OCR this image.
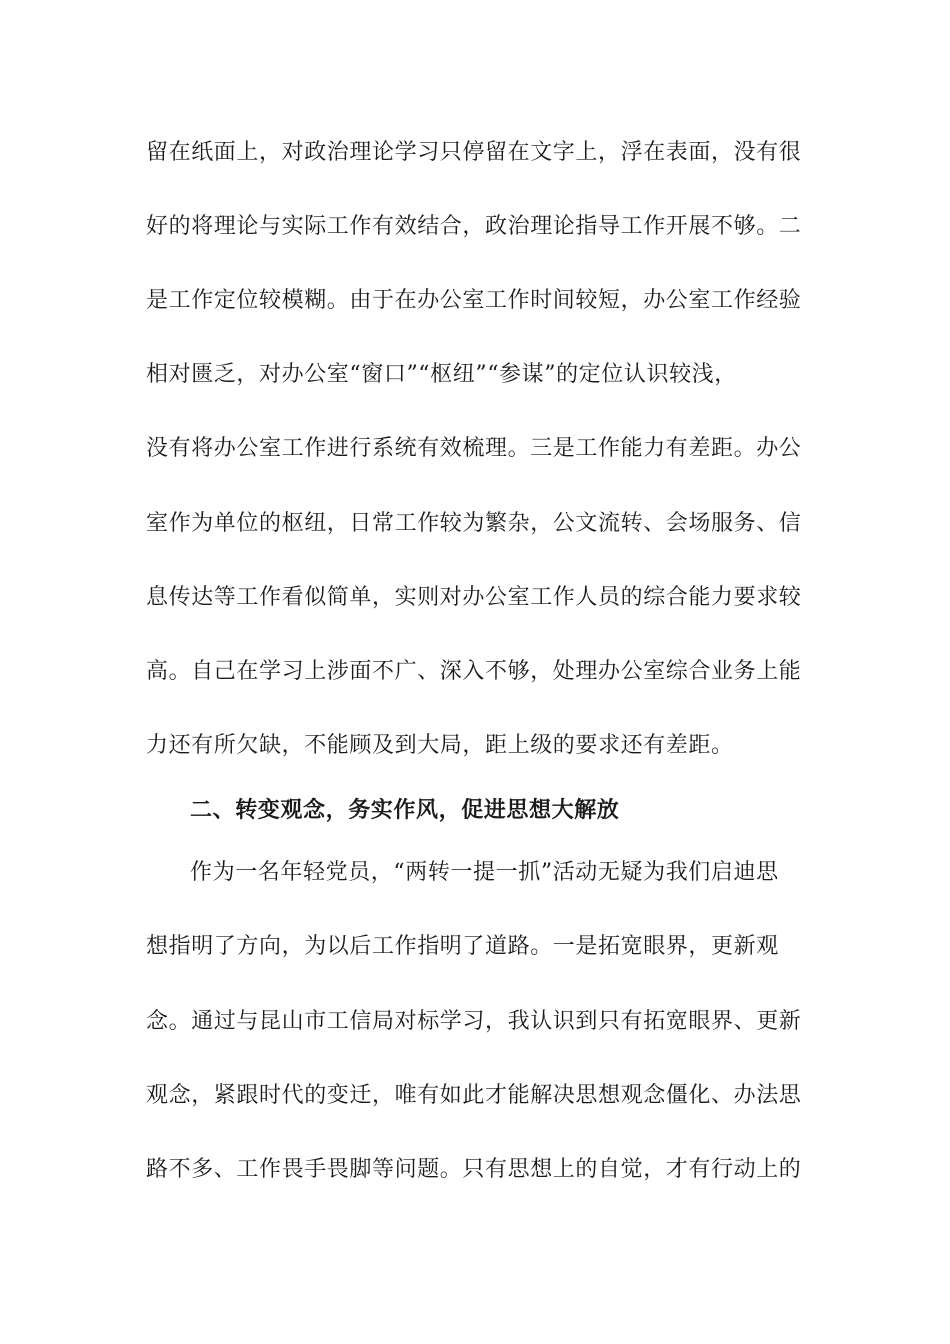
留在纸面上，对政治理论学习只停留在文字上，浮在表面，没有很
好的将理论与实际工作有效结合，政治理论指导工作开展不够。二
是工作定位较模糊。由于在办公室工作时间较短，办公室工作经验
相对匮乏，对办公室“窗口”“枢纽”“参谋”的定位认识较浅，
没有将办公室工作进行系统有效梳理。三是工作能力有差距。办公
室作为单位的枢纽，日常工作较为繁杂，公文流转、会场服务、信
息传达等工作看似简单，实则对办公室工作人员的综合能力要求较
高。自己在学习上涉面不广、深入不够，处理办公室综合业务上能
力还有所欠缺，不能顾及到大局，距上级的要求还有差距。
二、转变观念，务实作风，促进思想大解放
作为一名年轻党员，“两转一提一抓”活动无疑为我们启迪思
想指明了方向，为以后工作指明了道路。一是拓宽眼界，更新观
念。通过与昆山市工信局对标学习，我认识到只有拓宽眼界、更新
观念，紧跟时代的变迁，唯有如此才能解决思想观念僵化、办法思
路不多、工作畏手畏脚等问题。只有思想上的自觉，才有行动上的
